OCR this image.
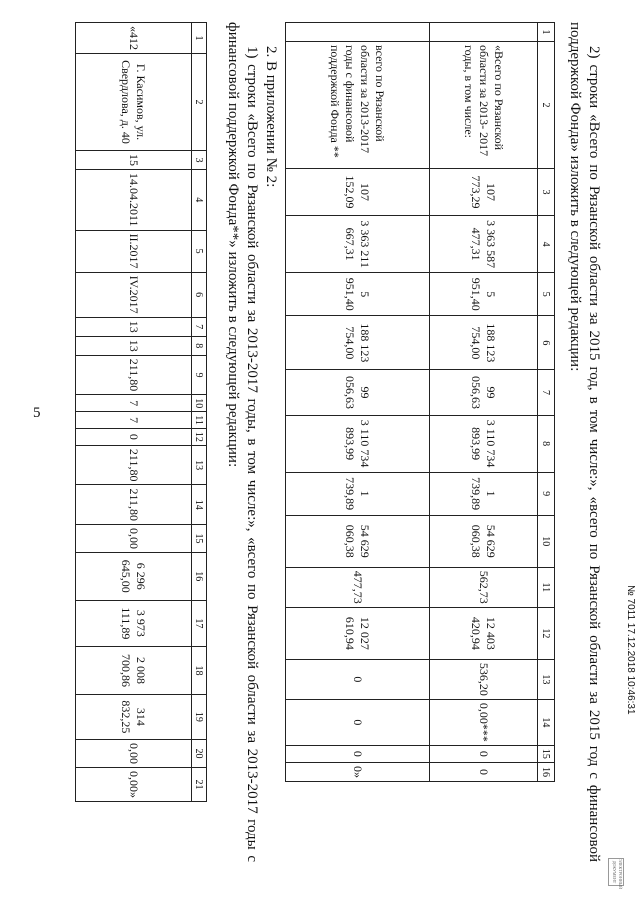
5
1	2	3	4	5	6	7	8	9	10	11	12	13	14	15	16	17	18	19	20	21
«412	Г. Касимов, ул. Свердлова, д. 40	15	14.04.2011	II.2017	IV.2017	13	13	211,80	7	7	0	211,80	211,80	0,00	6 296 645,00	3 973 111,89	2 008 700,86	314 832,25	0,00	0,00»
2. В приложении № 2:
1) строки «Всего по Рязанской области за 2013-2017 годы, в том числе:», «всего по Рязанской области за 2013-2017 годы с финансовой поддержкой Фонда**» изложить в следующей редакции:	1	2	3	4	5	6	7	8	9	10	11	12	13	14	15	16
	«Всего по Рязанской области за 2013- 2017 годы, в том числе:	107 773,29	3 363 587 477,31	5 951,40	188 123 754,00	99 056,63	3 110 734 893,99	1 739,89	54 629 060,38	562,73	12 403 420,94	536,20	0,00***	0	0
	всего по Рязанской области за 2013-2017 годы с финансовой поддержкой Фонда **	107 152,09	3 363 211 667,31	5 951,40	188 123 754,00	99 056,63	3 110 734 893,99	1 739,89	54 629 060,38	477,73	12 027 610,94	0	0	0	0»	2) строки «Всего по Рязанской области за 2015 год, в том числе:», «всего по Рязанской области за 2015 год с финансовой поддержкой Фонда» изложить в следующей редакции:
ЭЛЕКТРОННЫЙ ДОКУМЕНТ
№ 7011 17.12.2018 10:46:31
